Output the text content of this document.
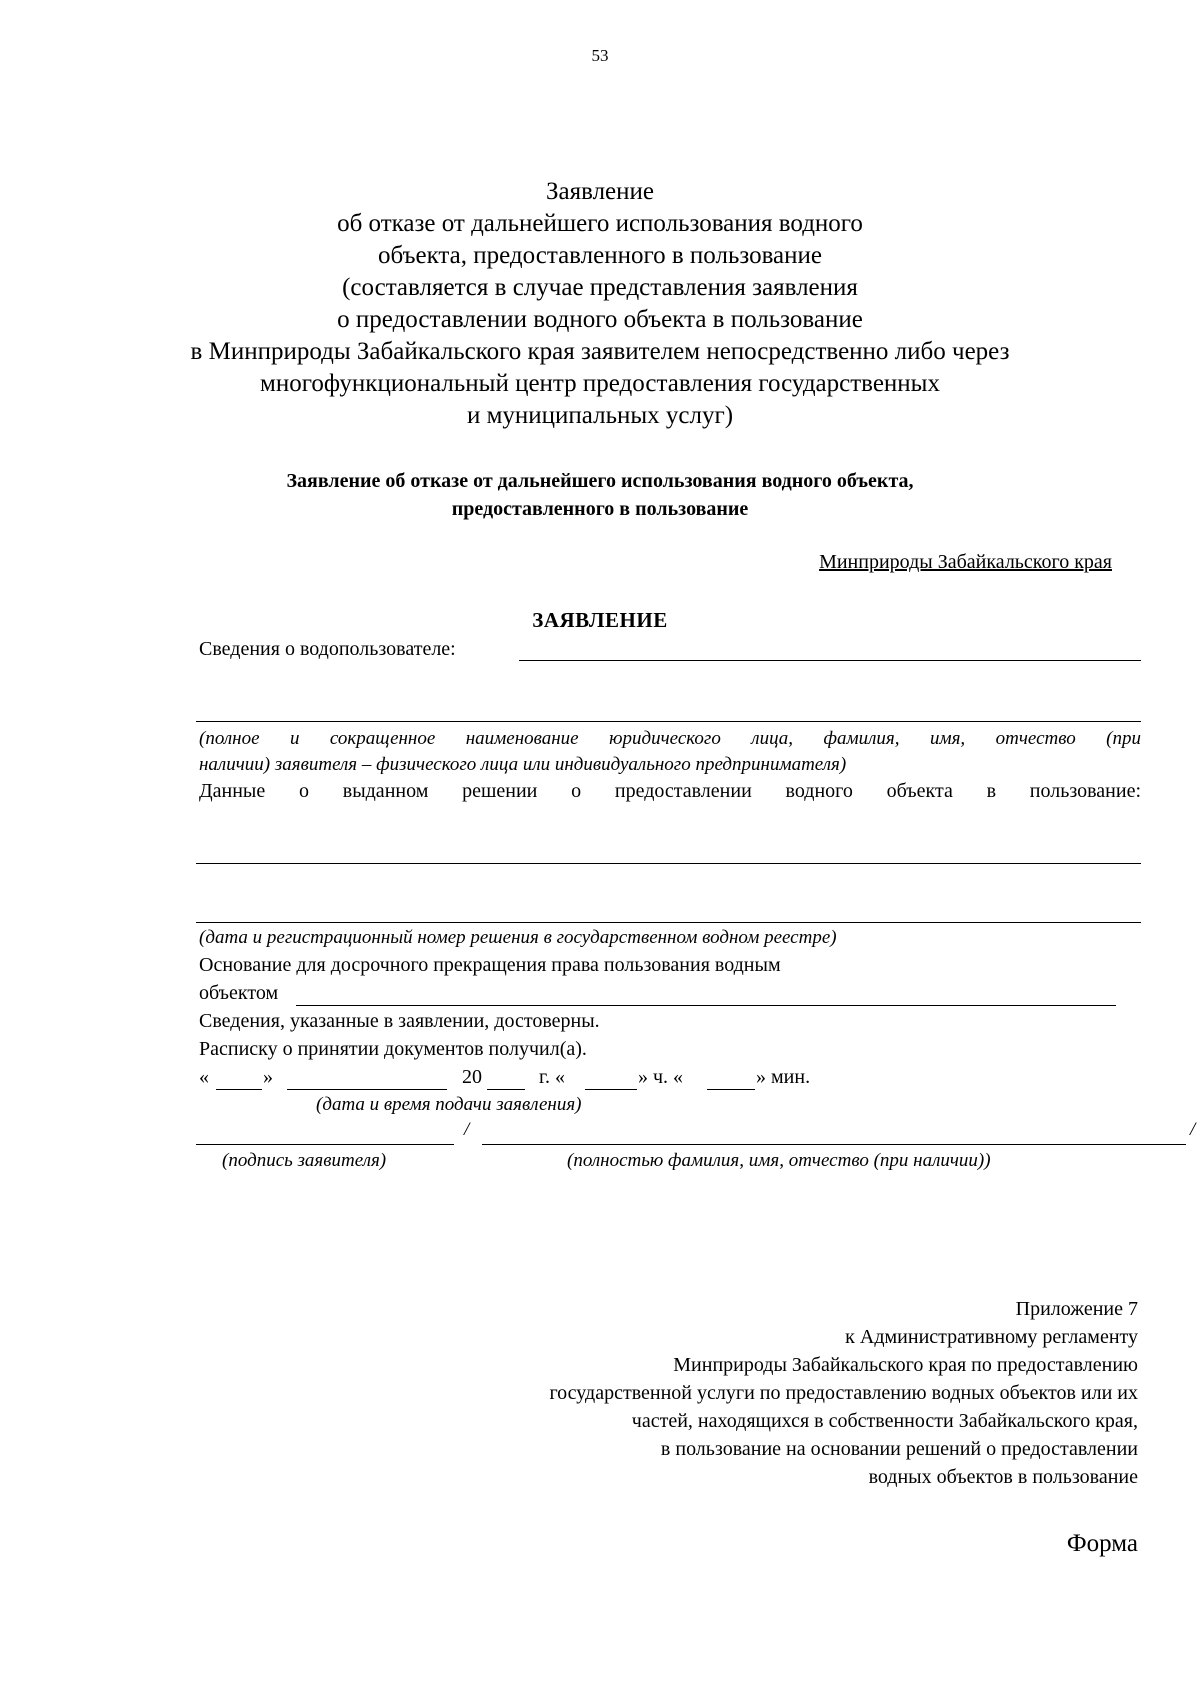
53
Заявление
об отказе от дальнейшего использования водного
объекта, предоставленного в пользование
(составляется в случае представления заявления
о предоставлении водного объекта в пользование
в Минприроды Забайкальского края заявителем непосредственно либо через
многофункциональный центр предоставления государственных
и муниципальных услуг)
Заявление об отказе от дальнейшего использования водного объекта,
предоставленного в пользование
Минприроды Забайкальского края
ЗАЯВЛЕНИЕ
Сведения о водопользователе:
(полное и сокращенное наименование юридического лица, фамилия, имя, отчество (при
наличии) заявителя – физического лица или индивидуального предпринимателя)
Данные о выданном решении о предоставлении водного объекта в пользование:
(дата и регистрационный номер решения в государственном водном реестре)
Основание для досрочного прекращения права пользования водным
объектом
Сведения, указанные в заявлении, достоверны.
Расписку о принятии документов получил(а).
«	»	20	г. «	» ч. «	» мин.
(дата и время подачи заявления)
/	/
(подпись заявителя)	(полностью фамилия, имя, отчество (при наличии))
Приложение 7
к Административному регламенту
Минприроды Забайкальского края по предоставлению
государственной услуги по предоставлению водных объектов или их
частей, находящихся в собственности Забайкальского края,
в пользование на основании решений о предоставлении
водных объектов в пользование
Форма
